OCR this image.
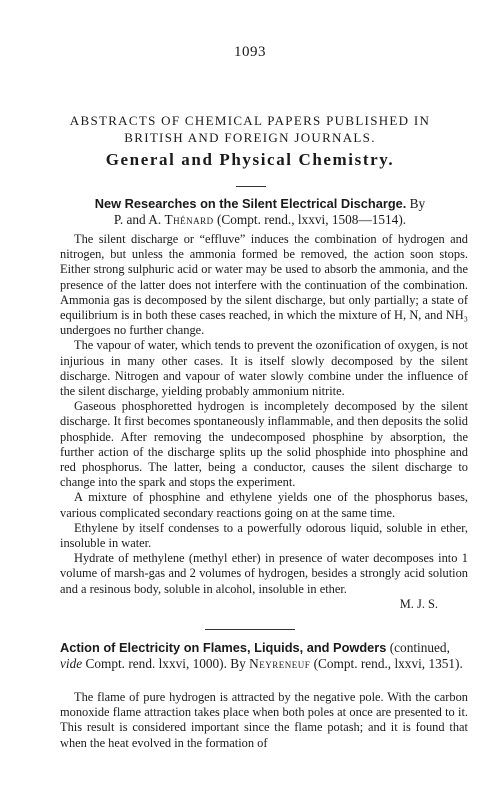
1093
ABSTRACTS OF CHEMICAL PAPERS PUBLISHED IN BRITISH AND FOREIGN JOURNALS.
General and Physical Chemistry.
New Researches on the Silent Electrical Discharge. By
P. and A. Thénard (Compt. rend., lxxvi, 1508—1514).

The silent discharge or “effluve” induces the combination of hydrogen and nitrogen, but unless the ammonia formed be removed, the action soon stops. Either strong sulphuric acid or water may be used to absorb the ammonia, and the presence of the latter does not interfere with the continuation of the combination. Ammonia gas is decomposed by the silent discharge, but only partially; a state of equilibrium is in both these cases reached, in which the mixture of H, N, and NH₃ undergoes no further change.

The vapour of water, which tends to prevent the ozonification of oxygen, is not injurious in many other cases. It is itself slowly decomposed by the silent discharge. Nitrogen and vapour of water slowly combine under the influence of the silent discharge, yielding probably ammonium nitrite.

Gaseous phosphoretted hydrogen is incompletely decomposed by the silent discharge. It first becomes spontaneously inflammable, and then deposits the solid phosphide. After removing the undecomposed phosphine by absorption, the further action of the discharge splits up the solid phosphide into phosphine and red phosphorus. The latter, being a conductor, causes the silent discharge to change into the spark and stops the experiment.

A mixture of phosphine and ethylene yields one of the phosphorus bases, various complicated secondary reactions going on at the same time.

Ethylene by itself condenses to a powerfully odorous liquid, soluble in ether, insoluble in water.

Hydrate of methylene (methyl ether) in presence of water decomposes into 1 volume of marsh-gas and 2 volumes of hydrogen, besides a strongly acid solution and a resinous body, soluble in alcohol, insoluble in ether.

M. J. S.

Action of Electricity on Flames, Liquids, and Powders (continued, vide Compt. rend. lxxvi, 1000). By Neyreneuf (Compt. rend., lxxvi, 1351).

The flame of pure hydrogen is attracted by the negative pole. With the carbon monoxide flame attraction takes place when both poles at once are presented to it. This result is considered important since the flame potash; and it is found that when the heat evolved in the formation of
